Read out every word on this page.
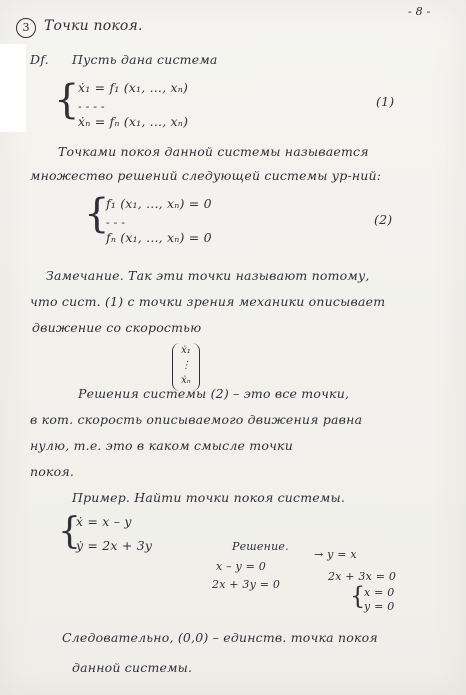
- 8 -
3	Точки покоя.
Df. Пусть дана система
{
ẋ₁ = f₁ (x₁, ..., xₙ)
- - - -
ẋₙ = fₙ (x₁, ..., xₙ)
(1)
Точками покоя данной системы называется
множество решений следующей системы ур-ний:
{
f₁ (x₁, ..., xₙ) = 0
- - -
fₙ (x₁, ..., xₙ) = 0
(2)
Замечание. Так эти точки называют потому,
что сист. (1) с точки зрения механики описывает
движение со скоростью
ẋ₁
⋮
ẋₙ
Решения системы (2) – это все точки,
в кот. скорость описываемого движения равна
нулю, т.е. это в каком смысле точки
покоя.
Пример. Найти точки покоя системы.
{
ẋ = x – y
ẏ = 2x + 3y	Решение.
x – y = 0
2x + 3y = 0
→ y = x
2x + 3x = 0
{
x = 0
y = 0
Следовательно, (0,0) – единств. точка покоя
данной системы.
